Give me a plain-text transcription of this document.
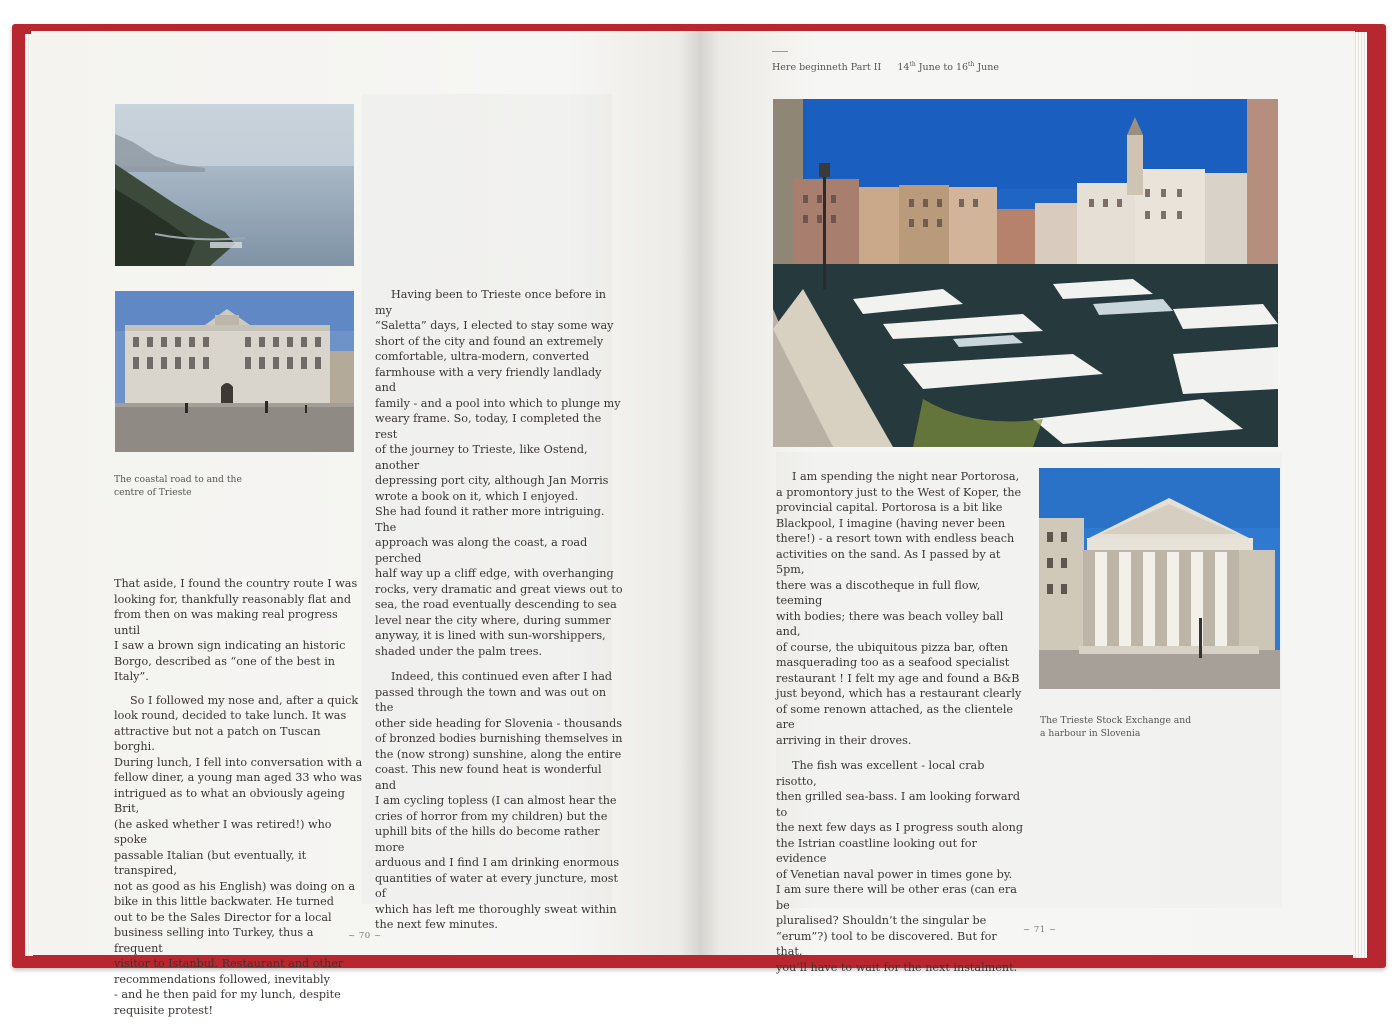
The coastal road to and the
centre of Trieste

That aside, I found the country route I was
looking for, thankfully reasonably flat and
from then on was making real progress until
I saw a brown sign indicating an historic
Borgo, described as “one of the best in Italy”.

So I followed my nose and, after a quick
look round, decided to take lunch. It was
attractive but not a patch on Tuscan borghi.
During lunch, I fell into conversation with a
fellow diner, a young man aged 33 who was
intrigued as to what an obviously ageing Brit,
(he asked whether I was retired!) who spoke
passable Italian (but eventually, it transpired,
not as good as his English) was doing on a
bike in this little backwater. He turned
out to be the Sales Director for a local
business selling into Turkey, thus a frequent
visitor to Istanbul. Restaurant and other
recommendations followed, inevitably
- and he then paid for my lunch, despite
requisite protest!

Having been to Trieste once before in my
“Saletta” days, I elected to stay some way
short of the city and found an extremely
comfortable, ultra-modern, converted
farmhouse with a very friendly landlady and
family - and a pool into which to plunge my
weary frame. So, today, I completed the rest
of the journey to Trieste, like Ostend, another
depressing port city, although Jan Morris
wrote a book on it, which I enjoyed.
She had found it rather more intriguing. The
approach was along the coast, a road perched
half way up a cliff edge, with overhanging
rocks, very dramatic and great views out to
sea, the road eventually descending to sea
level near the city where, during summer
anyway, it is lined with sun-worshippers,
shaded under the palm trees.

Indeed, this continued even after I had
passed through the town and was out on the
other side heading for Slovenia - thousands
of bronzed bodies burnishing themselves in
the (now strong) sunshine, along the entire
coast. This new found heat is wonderful and
I am cycling topless (I can almost hear the
cries of horror from my children) but the
uphill bits of the hills do become rather more
arduous and I find I am drinking enormous
quantities of water at every juncture, most of
which has left me thoroughly sweat within
the next few minutes.

~ 70 ~
Here beginneth Part II 14th June to 16th June

I am spending the night near Portorosa,
a promontory just to the West of Koper, the
provincial capital. Portorosa is a bit like
Blackpool, I imagine (having never been
there!) - a resort town with endless beach
activities on the sand. As I passed by at 5pm,
there was a discotheque in full flow, teeming
with bodies; there was beach volley ball and,
of course, the ubiquitous pizza bar, often
masquerading too as a seafood specialist
restaurant ! I felt my age and found a B&B
just beyond, which has a restaurant clearly
of some renown attached, as the clientele are
arriving in their droves.

The fish was excellent - local crab risotto,
then grilled sea-bass. I am looking forward to
the next few days as I progress south along
the Istrian coastline looking out for evidence
of Venetian naval power in times gone by.
I am sure there will be other eras (can era be
pluralised? Shouldn’t the singular be
“erum”?) tool to be discovered. But for that,
you’ll have to wait for the next instalment.

The Trieste Stock Exchange and
a harbour in Slovenia
~ 71 ~
